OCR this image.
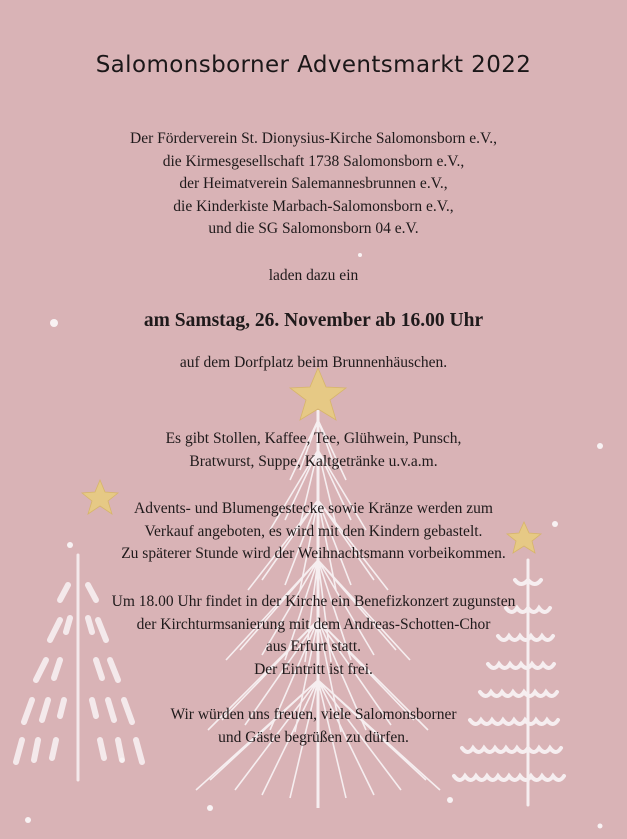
Salomonsborner Adventsmarkt 2022
Der Förderverein St. Dionysius-Kirche Salomonsborn e.V.,
die Kirmesgesellschaft 1738 Salomonsborn e.V.,
der Heimatverein Salemannesbrunnen e.V.,
die Kinderkiste Marbach-Salomonsborn e.V.,
und die SG Salomonsborn 04 e.V.
laden dazu ein
am Samstag, 26. November ab 16.00 Uhr
auf dem Dorfplatz beim Brunnenhäuschen.
Es gibt Stollen, Kaffee, Tee, Glühwein, Punsch,
Bratwurst, Suppe, Kaltgetränke u.v.a.m.
Advents- und Blumengestecke sowie Kränze werden zum
Verkauf angeboten, es wird mit den Kindern gebastelt.
Zu späterer Stunde wird der Weihnachtsmann vorbeikommen.
Um 18.00 Uhr findet in der Kirche ein Benefizkonzert zugunsten
der Kirchturmsanierung mit dem Andreas-Schotten-Chor
aus Erfurt statt.
Der Eintritt ist frei.
Wir würden uns freuen, viele Salomonsborner
und Gäste begrüßen zu dürfen.
